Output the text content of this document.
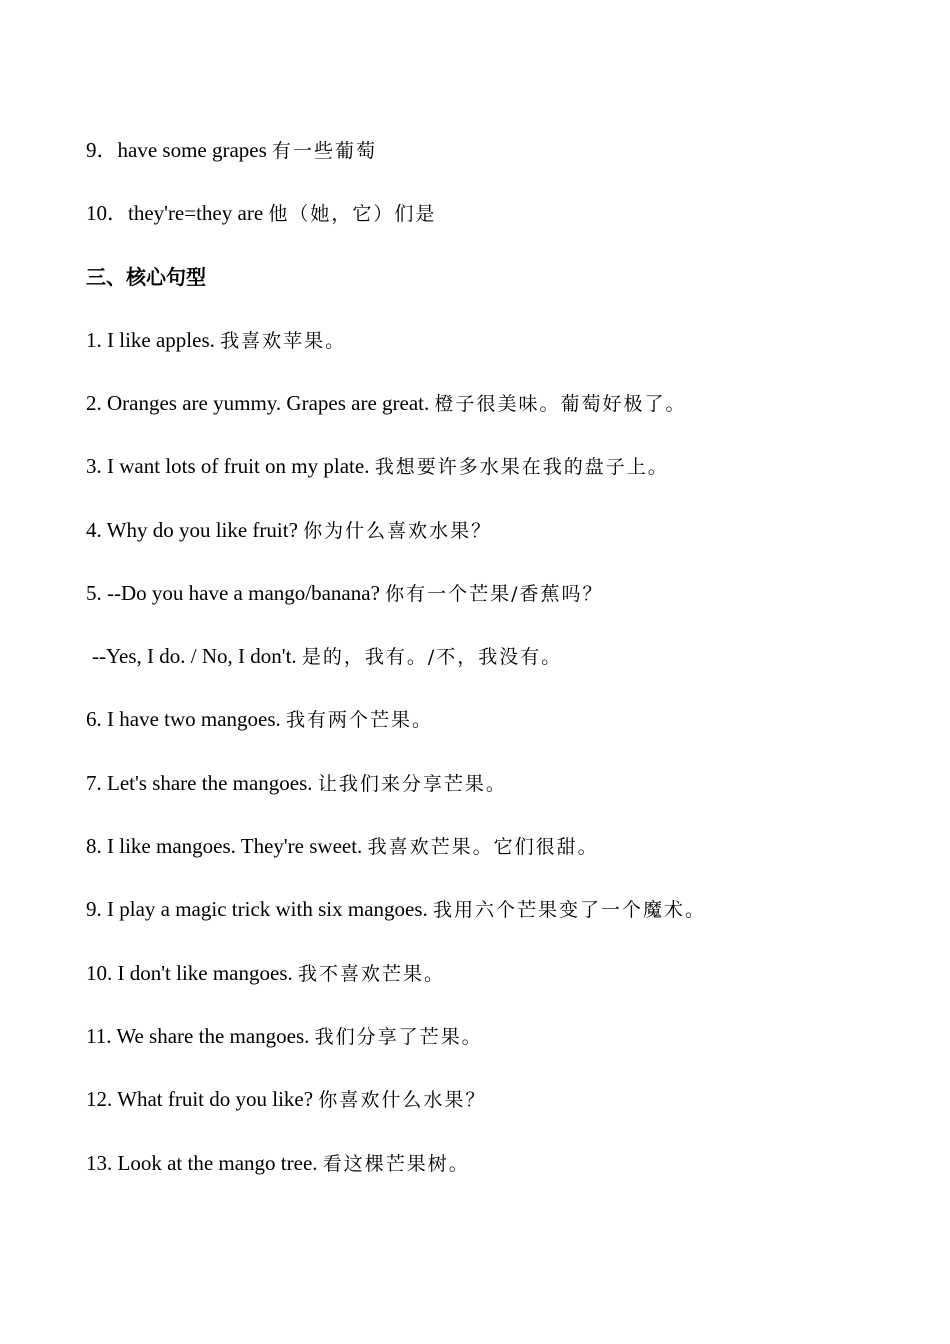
9．have some grapes 有一些葡萄
10．they're=they are 他（她，它）们是
三、核心句型
1. I like apples. 我喜欢苹果。
2. Oranges are yummy. Grapes are great. 橙子很美味。葡萄好极了。
3. I want lots of fruit on my plate. 我想要许多水果在我的盘子上。
4. Why do you like fruit? 你为什么喜欢水果？
5. --Do you have a mango/banana? 你有一个芒果/香蕉吗？
--Yes, I do. / No, I don't. 是的，我有。/不，我没有。
6. I have two mangoes. 我有两个芒果。
7. Let's share the mangoes. 让我们来分享芒果。
8. I like mangoes. They're sweet. 我喜欢芒果。它们很甜。
9. I play a magic trick with six mangoes. 我用六个芒果变了一个魔术。
10. I don't like mangoes. 我不喜欢芒果。
11. We share the mangoes. 我们分享了芒果。
12. What fruit do you like? 你喜欢什么水果？
13. Look at the mango tree. 看这棵芒果树。
